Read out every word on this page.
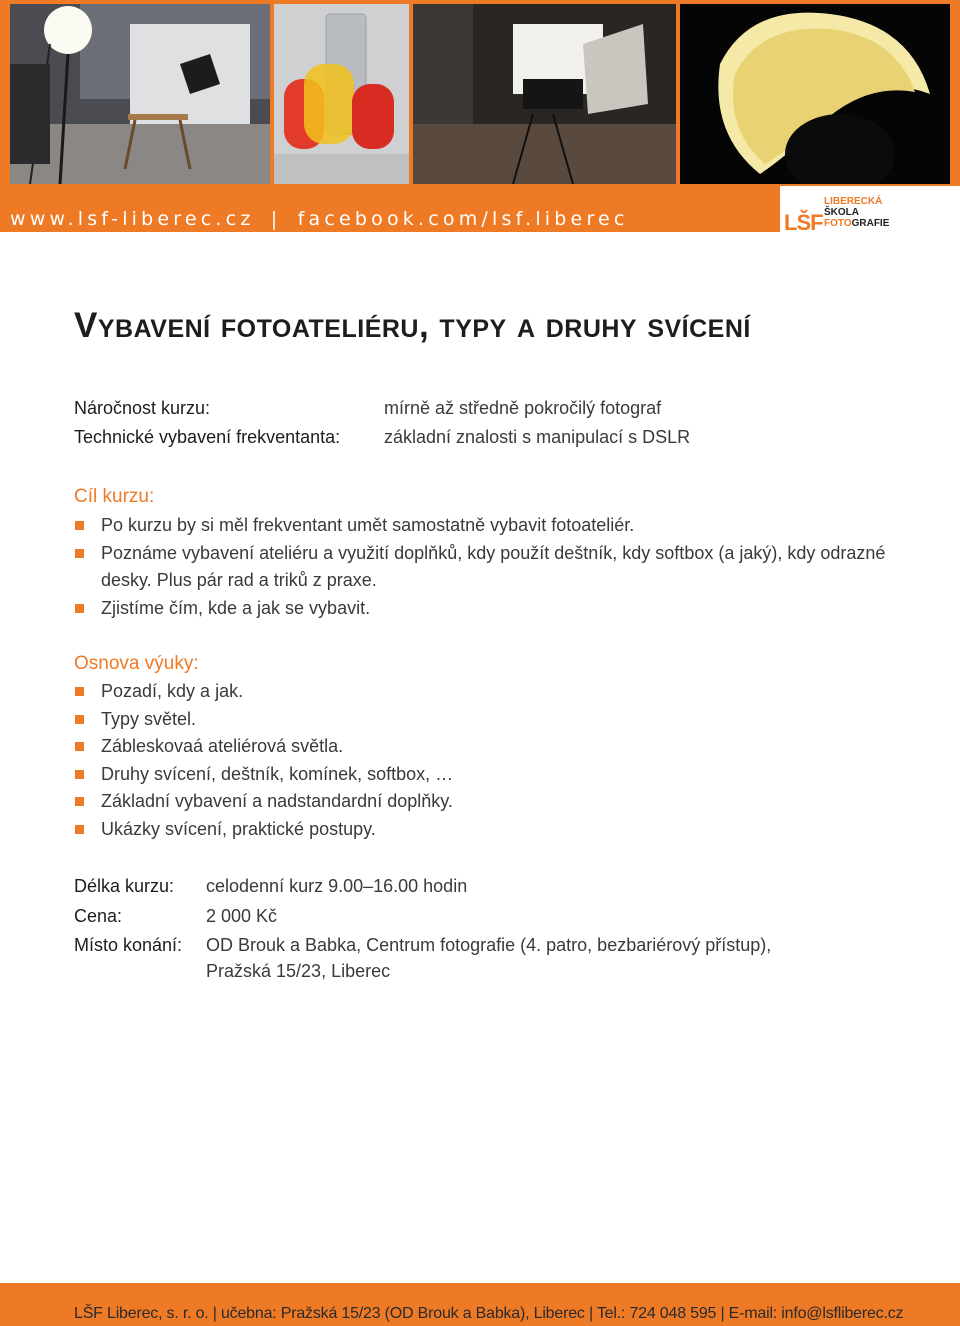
www.lsf-liberec.cz | facebook.com/lsf.liberec	LŠF
LIBERECKÁ
ŠKOLA
FOTOGRAFIE
Vybavení fotoateliéru, typy a druhy svícení
Náročnost kurzu:	mírně až středně pokročilý fotograf
Technické vybavení frekventanta: základní znalosti s manipulací s DSLR
Cíl kurzu:
Po kurzu by si měl frekventant umět samostatně vybavit fotoateliér.
Poznáme vybavení ateliéru a využití doplňků, kdy použít deštník, kdy softbox (a jaký), kdy odrazné desky. Plus pár rad a triků z praxe.
Zjistíme čím, kde a jak se vybavit.
Osnova výuky:
Pozadí, kdy a jak.
Typy světel.
Zábleskovaá ateliérová světla.
Druhy svícení, deštník, komínek, softbox, …
Základní vybavení a nadstandardní doplňky.
Ukázky svícení, praktické postupy.
Délka kurzu: celodenní kurz 9.00–16.00 hodin
Cena:	2 000 Kč
Místo konání: OD Brouk a Babka, Centrum fotografie (4. patro, bezbariérový přístup),
Pražská 15/23, Liberec
LŠF Liberec, s. r. o. | učebna: Pražská 15/23 (OD Brouk a Babka), Liberec | Tel.: 724 048 595 | E-mail: info@lsfliberec.cz
